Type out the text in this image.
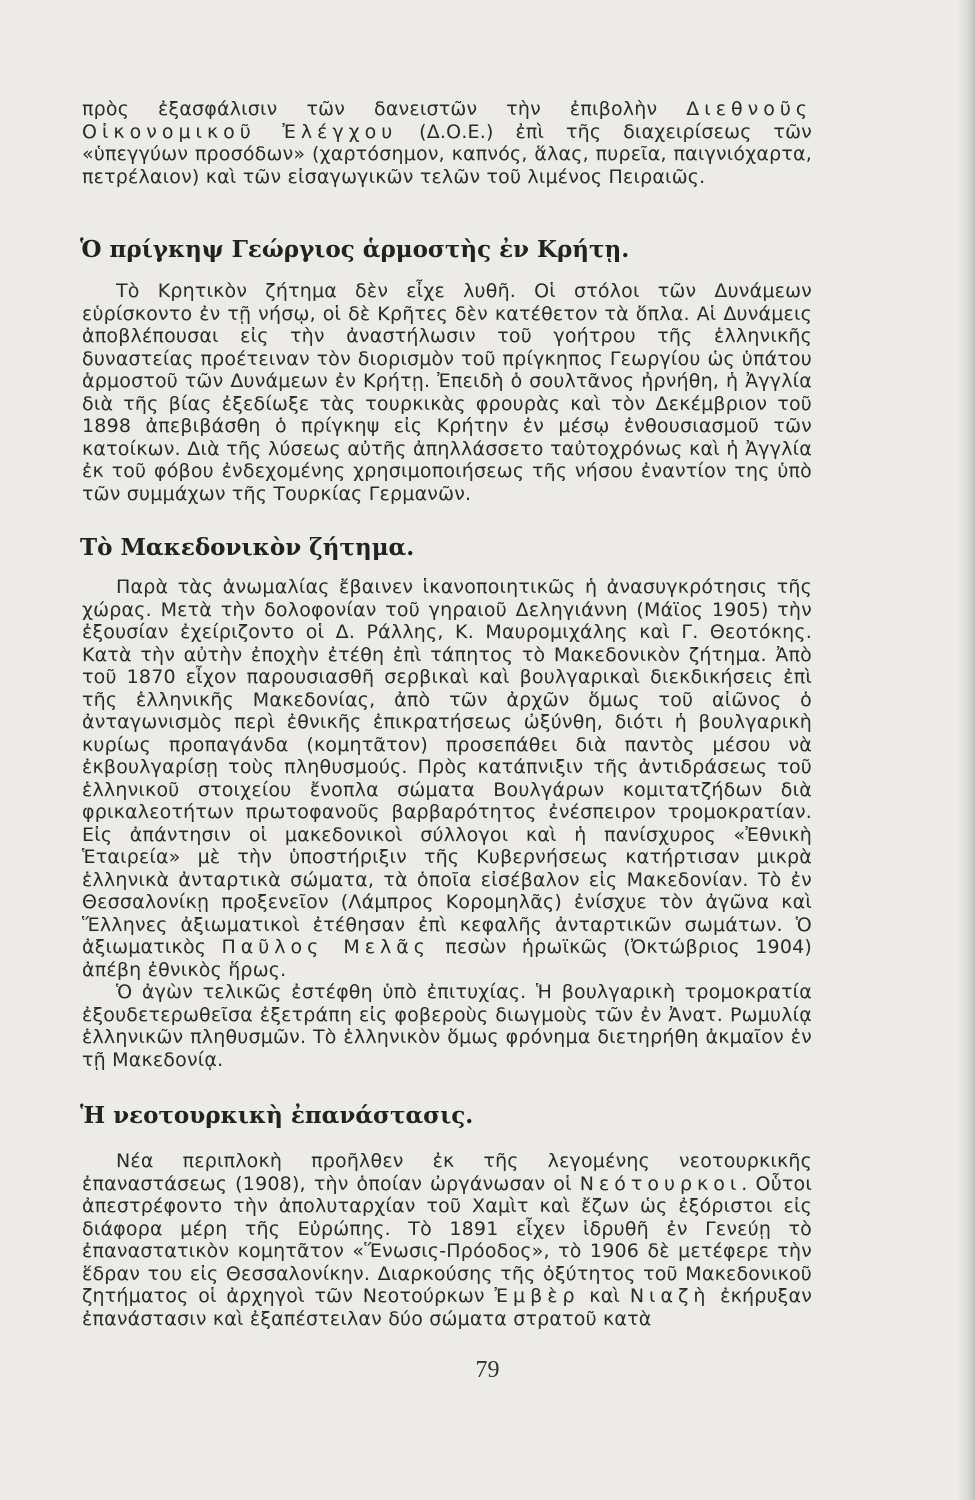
πρὸς ἐξασφάλισιν τῶν δανειστῶν τὴν ἐπιβολὴν Διεθνοῦς Οἰκονομικοῦ Ἐλέγχου (Δ.Ο.Ε.) ἐπὶ τῆς διαχειρίσεως τῶν «ὑπεγγύων προσόδων» (χαρτόσημον, καπνός, ἅλας, πυρεῖα, παιγνιόχαρτα, πετρέλαιον) καὶ τῶν εἰσαγωγικῶν τελῶν τοῦ λιμένος Πειραιῶς.

Ὁ πρίγκηψ Γεώργιος ἁρμοστὴς ἐν Κρήτῃ.

Τὸ Κρητικὸν ζήτημα δὲν εἶχε λυθῆ. Οἱ στόλοι τῶν Δυνάμεων εὑρίσκοντο ἐν τῇ νήσῳ, οἱ δὲ Κρῆτες δὲν κατέθετον τὰ ὅπλα. Αἱ Δυνάμεις ἀποβλέπουσαι εἰς τὴν ἀναστήλωσιν τοῦ γοήτρου τῆς ἑλληνικῆς δυναστείας προέτειναν τὸν διορισμὸν τοῦ πρίγκηπος Γεωργίου ὡς ὑπάτου ἁρμοστοῦ τῶν Δυνάμεων ἐν Κρήτῃ. Ἐπειδὴ ὁ σουλτᾶνος ἠρνήθη, ἡ Ἀγγλία διὰ τῆς βίας ἐξεδίωξε τὰς τουρκικὰς φρουρὰς καὶ τὸν Δεκέμβριον τοῦ 1898 ἀπεβιβάσθη ὁ πρίγκηψ εἰς Κρήτην ἐν μέσῳ ἐνθουσιασμοῦ τῶν κατοίκων. Διὰ τῆς λύσεως αὐτῆς ἀπηλλάσσετο ταὐτοχρόνως καὶ ἡ Ἀγγλία ἐκ τοῦ φόβου ἐνδεχομένης χρησιμοποιήσεως τῆς νήσου ἐναντίον της ὑπὸ τῶν συμμάχων τῆς Τουρκίας Γερμανῶν.

Τὸ Μακεδονικὸν ζήτημα.

Παρὰ τὰς ἀνωμαλίας ἔβαινεν ἱκανοποιητικῶς ἡ ἀνασυγκρότησις τῆς χώρας. Μετὰ τὴν δολοφονίαν τοῦ γηραιοῦ Δεληγιάννη (Μάϊος 1905) τὴν ἐξουσίαν ἐχείριζοντο οἱ Δ. Ράλλης, Κ. Μαυρομιχάλης καὶ Γ. Θεοτόκης. Κατὰ τὴν αὐτὴν ἐποχὴν ἐτέθη ἐπὶ τάπητος τὸ Μακεδονικὸν ζήτημα. Ἀπὸ τοῦ 1870 εἶχον παρουσιασθῆ σερβικαὶ καὶ βουλγαρικαὶ διεκδικήσεις ἐπὶ τῆς ἑλληνικῆς Μακεδονίας, ἀπὸ τῶν ἀρχῶν ὅμως τοῦ αἰῶνος ὁ ἀνταγωνισμὸς περὶ ἐθνικῆς ἐπικρατήσεως ὠξύνθη, διότι ἡ βουλγαρικὴ κυρίως προπαγάνδα (κομητᾶτον) προσεπάθει διὰ παντὸς μέσου νὰ ἐκβουλγαρίσῃ τοὺς πληθυσμούς. Πρὸς κατάπνιξιν τῆς ἀντιδράσεως τοῦ ἑλληνικοῦ στοιχείου ἔνοπλα σώματα Βουλγάρων κομιτατζήδων διὰ φρικαλεοτήτων πρωτοφανοῦς βαρβαρότητος ἐνέσπειρον τρομοκρατίαν. Εἰς ἀπάντησιν οἱ μακεδονικοὶ σύλλογοι καὶ ἡ πανίσχυρος «Ἐθνικὴ Ἑταιρεία» μὲ τὴν ὑποστήριξιν τῆς Κυβερνήσεως κατήρτισαν μικρὰ ἑλληνικὰ ἀνταρτικὰ σώματα, τὰ ὁποῖα εἰσέβαλον εἰς Μακεδονίαν. Τὸ ἐν Θεσσαλονίκῃ προξενεῖον (Λάμπρος Κορομηλᾶς) ἐνίσχυε τὸν ἀγῶνα καὶ Ἕλληνες ἀξιωματικοὶ ἐτέθησαν ἐπὶ κεφαλῆς ἀνταρτικῶν σωμάτων. Ὁ ἀξιωματικὸς Παῦλος Μελᾶς πεσὼν ἡρωϊκῶς (Ὀκτώβριος 1904) ἀπέβη ἐθνικὸς ἥρως.

Ὁ ἀγὼν τελικῶς ἐστέφθη ὑπὸ ἐπιτυχίας. Ἡ βουλγαρικὴ τρομοκρατία ἐξουδετερωθεῖσα ἐξετράπη εἰς φοβεροὺς διωγμοὺς τῶν ἐν Ἀνατ. Ρωμυλίᾳ ἑλληνικῶν πληθυσμῶν. Τὸ ἑλληνικὸν ὅμως φρόνημα διετηρήθη ἀκμαῖον ἐν τῇ Μακεδονίᾳ.

Ἡ νεοτουρκικὴ ἐπανάστασις.

Νέα περιπλοκὴ προῆλθεν ἐκ τῆς λεγομένης νεοτουρκικῆς ἐπαναστάσεως (1908), τὴν ὁποίαν ὠργάνωσαν οἱ Νεότουρκοι. Οὗτοι ἀπεστρέφοντο τὴν ἀπολυταρχίαν τοῦ Χαμὶτ καὶ ἔζων ὡς ἐξόριστοι εἰς διάφορα μέρη τῆς Εὐρώπης. Τὸ 1891 εἶχεν ἱδρυθῆ ἐν Γενεύῃ τὸ ἐπαναστατικὸν κομητᾶτον «Ἕνωσις-Πρόοδος», τὸ 1906 δὲ μετέφερε τὴν ἕδραν του εἰς Θεσσαλονίκην. Διαρκούσης τῆς ὀξύτητος τοῦ Μακεδονικοῦ ζητήματος οἱ ἀρχηγοὶ τῶν Νεοτούρκων Ἐμβὲρ καὶ Νιαζὴ ἐκήρυξαν ἐπανάστασιν καὶ ἐξαπέστειλαν δύο σώματα στρατοῦ κατὰ

79
